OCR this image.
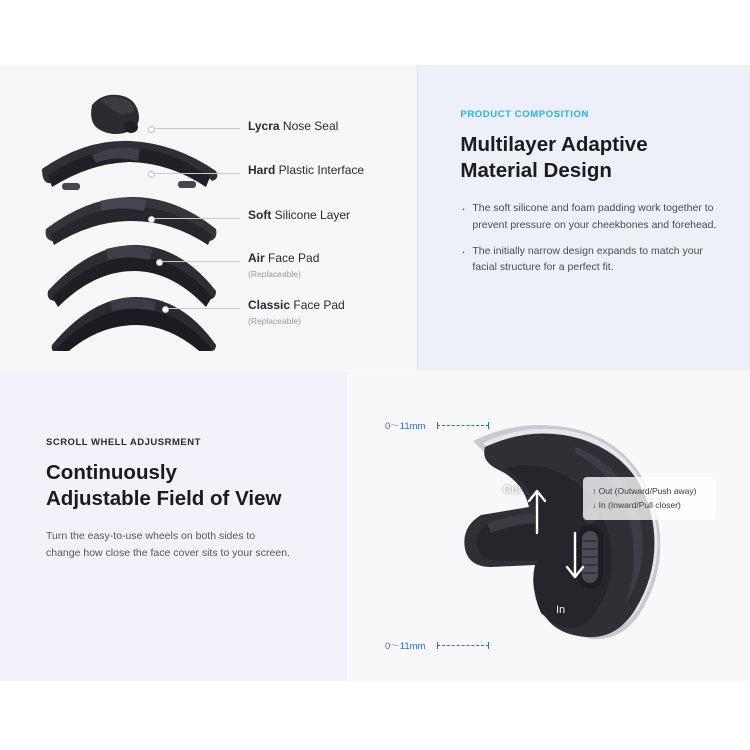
Lycra Nose Seal
Hard Plastic Interface
Soft Silicone Layer
Air Face Pad
(Replaceable)
Classic Face Pad
(Replaceable)

PRODUCT COMPOSITION

Multilayer Adaptive
Material Design
· The soft silicone and foam padding work together to prevent pressure on your cheekbones and forehead.
· The initially narrow design expands to match your facial structure for a perfect fit.

SCROLL WHELL ADJUSRMENT

Continuously
Adjustable Field of View

Turn the easy-to-use wheels on both sides to change how close the face cover sits to your screen.

0〜11mm
0〜11mm
Out
In
↑ Out (Outward/Push away)
↓ In (Inward/Pull closer)
